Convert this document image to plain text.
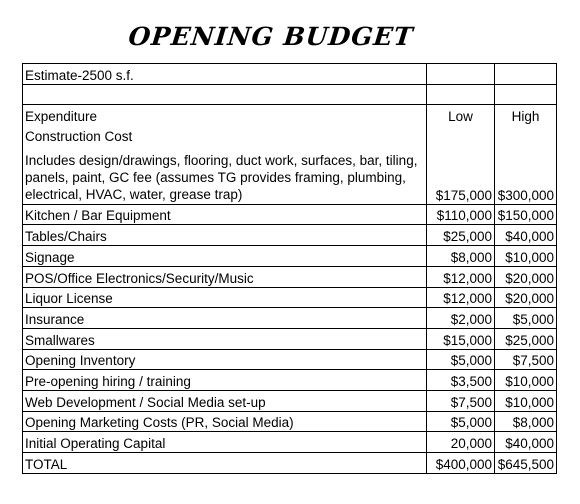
OPENING BUDGET
Estimate-2500 s.f.		

Expenditure	Low	High
Construction Cost		
Includes design/drawings, flooring, duct work, surfaces, bar, tiling, panels, paint, GC fee (assumes TG provides framing, plumbing, electrical, HVAC, water, grease trap)	$175,000	$300,000
Kitchen / Bar Equipment	$110,000	$150,000
Tables/Chairs	$25,000	$40,000
Signage	$8,000	$10,000
POS/Office Electronics/Security/Music	$12,000	$20,000
Liquor License	$12,000	$20,000
Insurance	$2,000	$5,000
Smallwares	$15,000	$25,000
Opening Inventory	$5,000	$7,500
Pre-opening hiring / training	$3,500	$10,000
Web Development / Social Media set-up	$7,500	$10,000
Opening Marketing Costs (PR, Social Media)	$5,000	$8,000
Initial Operating Capital	20,000	$40,000
TOTAL	$400,000	$645,500
